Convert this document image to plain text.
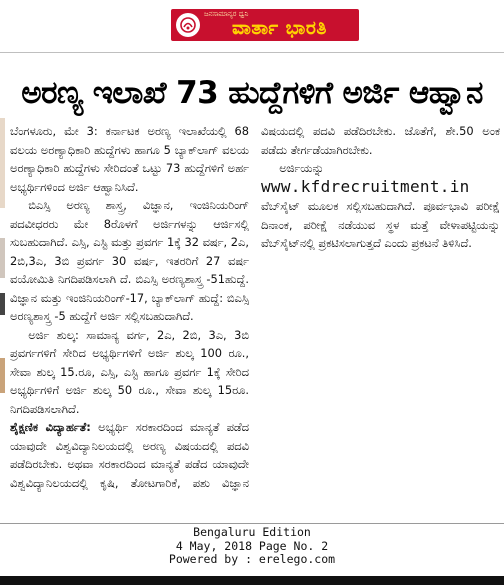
ಜನಸಾಮಾನ್ಯರ ಧ್ವನಿ
ವಾರ್ತಾ ಭಾರತಿ
ಅರಣ್ಯ ಇಲಾಖೆ 73 ಹುದ್ದೆಗಳಿಗೆ ಅರ್ಜಿ ಆಹ್ವಾನ

ಬೆಂಗಳೂರು, ಮೇ 3: ಕರ್ನಾಟಕ ಅರಣ್ಯ ಇಲಾಖೆಯಲ್ಲಿ 68 ವಲಯ ಅರಣ್ಯಾಧಿಕಾರಿ ಹುದ್ದೆಗಳು ಹಾಗೂ 5 ಬ್ಯಾಕ್‌ಲಾಗ್ ವಲಯ ಅರಣ್ಯಾಧಿಕಾರಿ ಹುದ್ದೆಗಳು ಸೇರಿದಂತೆ ಒಟ್ಟು 73 ಹುದ್ದೆಗಳಿಗೆ ಅರ್ಹ ಅಭ್ಯರ್ಥಿಗಳಿಂದ ಅರ್ಜಿ ಆಹ್ವಾನಿಸಿದೆ.

ಬಿಎಸ್ಸಿ ಅರಣ್ಯ ಶಾಸ್ತ್ರ, ವಿಜ್ಞಾನ, ಇಂಜಿನಿಯರಿಂಗ್ ಪದವೀಧರರು ಮೇ 8ರೊಳಗೆ ಅರ್ಜಿಗಳನ್ನು ಆರ್ಜಿಸಲ್ಲಿ ಸುಬಹುದಾಗಿದೆ. ಎಸ್ಸಿ, ಎಸ್ಟಿ ಮತ್ತು ಪ್ರವರ್ಗ 1ಕ್ಕೆ 32 ವರ್ಷ, 2ಎ, 2ಬಿ,3ಎ, 3ಬಿ ಪ್ರವರ್ಗ 30 ವರ್ಷ, ಇತರರಿಗೆ 27 ವರ್ಷ ವಯೋಮಿತಿ ನಿಗದಿಪಡಿಸಲಾಗಿ ದೆ. ಬಿಎಸ್ಸಿ ಅರಣ್ಯಶಾಸ್ತ್ರ -51ಹುದ್ದೆ. ವಿಜ್ಞಾನ ಮತ್ತು ಇಂಜಿನಿಯರಿಂಗ್-17, ಬ್ಯಾಕ್‌ಲಾಗ್ ಹುದ್ದೆ: ಬಿಎಸ್ಸಿ ಅರಣ್ಯಶಾಸ್ತ್ರ -5 ಹುದ್ದೆಗೆ ಅರ್ಜಿ ಸಲ್ಲಿಸಬಹುದಾಗಿದೆ.

ಅರ್ಜಿ ಶುಲ್ಕ: ಸಾಮಾನ್ಯ ವರ್ಗ, 2ಎ, 2ಬಿ, 3ಎ, 3ಬಿ ಪ್ರವರ್ಗಗಳಿಗೆ ಸೇರಿದ ಅಭ್ಯರ್ಥಿಗಳಿಗೆ ಅರ್ಜಿ ಶುಲ್ಕ 100 ರೂ., ಸೇವಾ ಶುಲ್ಕ 15.ರೂ, ಎಸ್ಸಿ, ಎಸ್ಟಿ ಹಾಗೂ ಪ್ರವರ್ಗ 1ಕ್ಕೆ ಸೇರಿದ ಅಭ್ಯರ್ಥಿಗಳಿಗೆ ಅರ್ಜಿ ಶುಲ್ಕ 50 ರೂ., ಸೇವಾ ಶುಲ್ಕ 15ರೂ. ನಿಗದಿಪಡಿಸಲಾಗಿದೆ.

ಶೈಕ್ಷಣಿಕ ವಿದ್ಯಾರ್ಹತೆ: ಅಭ್ಯರ್ಥಿ ಸರಕಾರದಿಂದ ಮಾನ್ಯತೆ ಪಡೆದ ಯಾವುದೇ ವಿಶ್ವವಿದ್ಯಾನಿಲಯದಲ್ಲಿ ಅರಣ್ಯ ವಿಷಯದಲ್ಲಿ ಪದವಿ ಪಡೆದಿರಬೇಕು. ಅಥವಾ ಸರಕಾರದಿಂದ ಮಾನ್ಯತೆ ಪಡೆದ ಯಾವುದೇ ವಿಶ್ವವಿದ್ಯಾನಿಲಯದಲ್ಲಿ ಕೃಷಿ, ತೋಟಗಾರಿಕೆ, ಪಶು ವಿಜ್ಞಾನ ವಿಷಯದಲ್ಲಿ ಪದವಿ ಪಡೆದಿರಬೇಕು. ಜೊತೆಗೆ, ಶೇ.50 ಅಂಕ ಪಡೆದು ತೇರ್ಗಡೆಯಾಗಿರಬೇಕು.

ಅರ್ಜಿಯನ್ನು www.kfdrecruitment.in ವೆಬ್‌ಸೈಟ್ ಮೂಲಕ ಸಲ್ಲಿಸಬಹುದಾಗಿದೆ. ಪೂರ್ವಭಾವಿ ಪರೀಕ್ಷೆ ದಿನಾಂಕ, ಪರೀಕ್ಷೆ ನಡೆಯುವ ಸ್ಥಳ ಮತ್ತೆ ವೇಳಾಪಟ್ಟಿಯನ್ನು ವೆಬ್‌ಸೈಟ್‌ನಲ್ಲಿ ಪ್ರಕಟಿಸಲಾಗುತ್ತದೆ ಎಂದು ಪ್ರಕಟನೆ ತಿಳಿಸಿದೆ.

Bengaluru Edition
4 May, 2018 Page No. 2
Powered by : erelego.com
